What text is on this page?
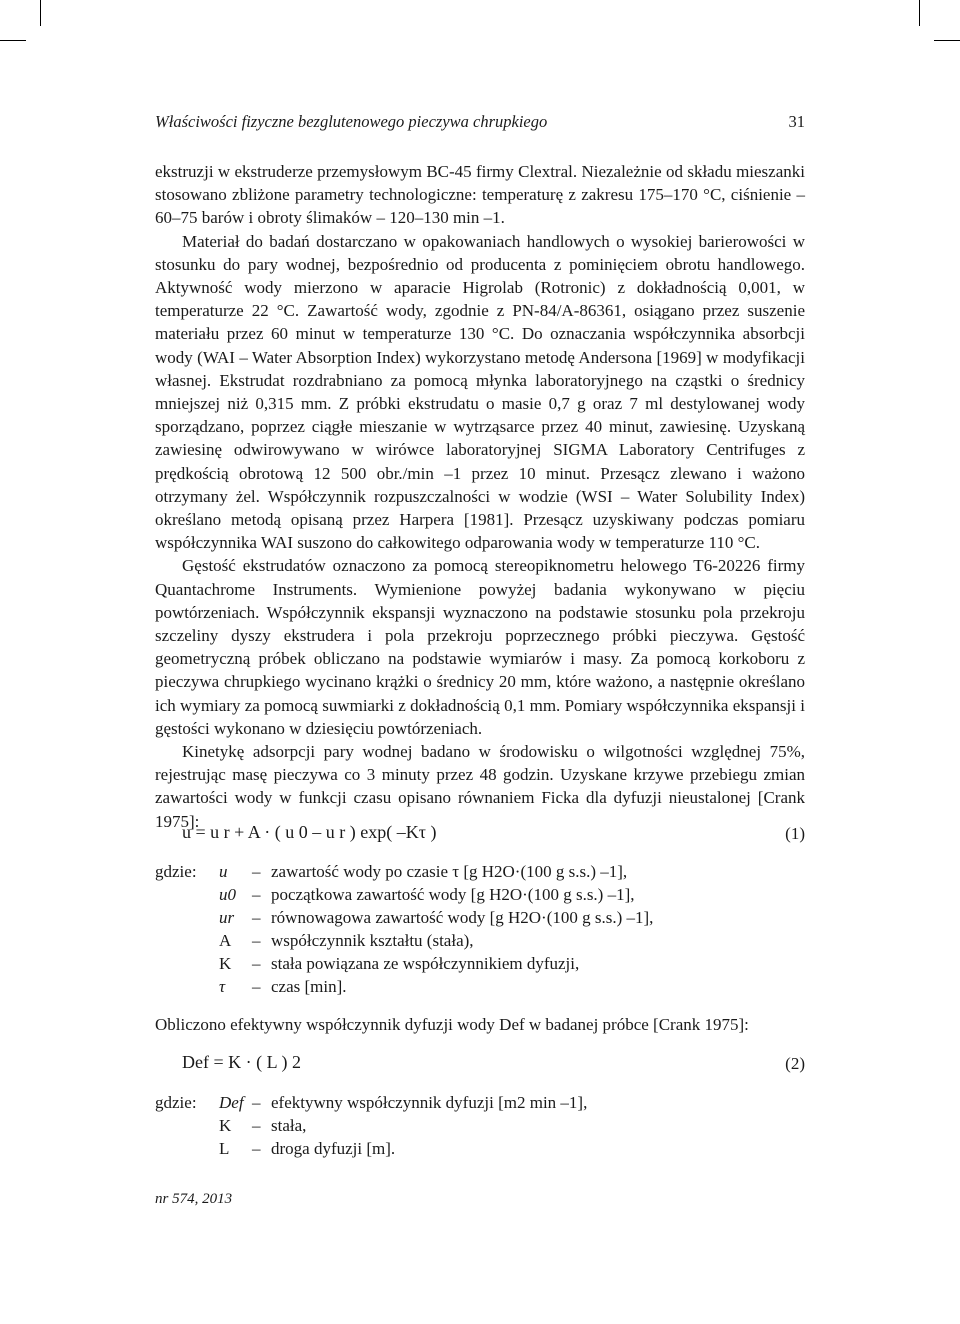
Właściwości fizyczne bezglutenowego pieczywa chrupkiego	31

ekstruzji w ekstruderze przemysłowym BC-45 firmy Clextral. Niezależnie od składu mieszanki stosowano zbliżone parametry technologiczne: temperaturę z zakresu 175–170 °C, ciśnienie – 60–75 barów i obroty ślimaków – 120–130 min –1.

Materiał do badań dostarczano w opakowaniach handlowych o wysokiej barierowości w stosunku do pary wodnej, bezpośrednio od producenta z pominięciem obrotu handlowego. Aktywność wody mierzono w aparacie Higrolab (Rotronic) z dokładnością 0,001, w temperaturze 22 °C. Zawartość wody, zgodnie z PN-84/A-86361, osiągano przez suszenie materiału przez 60 minut w temperaturze 130 °C. Do oznaczania współczynnika absorbcji wody (WAI – Water Absorption Index) wykorzystano metodę Andersona [1969] w modyfikacji własnej. Ekstrudat rozdrabniano za pomocą młynka laboratoryjnego na cząstki o średnicy mniejszej niż 0,315 mm. Z próbki ekstrudatu o masie 0,7 g oraz 7 ml destylowanej wody sporządzano, poprzez ciągłe mieszanie w wytrząsarce przez 40 minut, zawiesinę. Uzyskaną zawiesinę odwirowywano w wirówce laboratoryjnej SIGMA Laboratory Centrifuges z prędkością obrotową 12 500 obr./min –1 przez 10 minut. Przesącz zlewano i ważono otrzymany żel. Współczynnik rozpuszczalności w wodzie (WSI – Water Solubility Index) określano metodą opisaną przez Harpera [1981]. Przesącz uzyskiwany podczas pomiaru współczynnika WAI suszono do całkowitego odparowania wody w temperaturze 110 °C.

Gęstość ekstrudatów oznaczono za pomocą stereopiknometru helowego T6-20226 firmy Quantachrome Instruments. Wymienione powyżej badania wykonywano w pięciu powtórzeniach. Współczynnik ekspansji wyznaczono na podstawie stosunku pola przekroju szczeliny dyszy ekstrudera i pola przekroju poprzecznego próbki pieczywa. Gęstość geometryczną próbek obliczano na podstawie wymiarów i masy. Za pomocą korkoboru z pieczywa chrupkiego wycinano krążki o średnicy 20 mm, które ważono, a następnie określano ich wymiary za pomocą suwmiarki z dokładnością 0,1 mm. Pomiary współczynnika ekspansji i gęstości wykonano w dziesięciu powtórzeniach.

Kinetykę adsorpcji pary wodnej badano w środowisku o wilgotności względnej 75%, rejestrując masę pieczywa co 3 minuty przez 48 godzin. Uzyskane krzywe przebiegu zmian zawartości wody w funkcji czasu opisano równaniem Ficka dla dyfuzji nieustalonej [Crank 1975]:

u = u r + A · ( u 0 – u r ) exp( –Kτ )	(1)
gdzie: u – zawartość wody po czasie τ [g H2O·(100 g s.s.) –1],
u0 – początkowa zawartość wody [g H2O·(100 g s.s.) –1],
ur – równowagowa zawartość wody [g H2O·(100 g s.s.) –1],
A – współczynnik kształtu (stała),
K – stała powiązana ze współczynnikiem dyfuzji,
τ – czas [min].
Obliczono efektywny współczynnik dyfuzji wody Def w badanej próbce [Crank 1975]:
Def = K · ( L ) 2	(2)
gdzie: Def – efektywny współczynnik dyfuzji [m2 min –1],
K – stała,
L – droga dyfuzji [m].
nr 574, 2013
